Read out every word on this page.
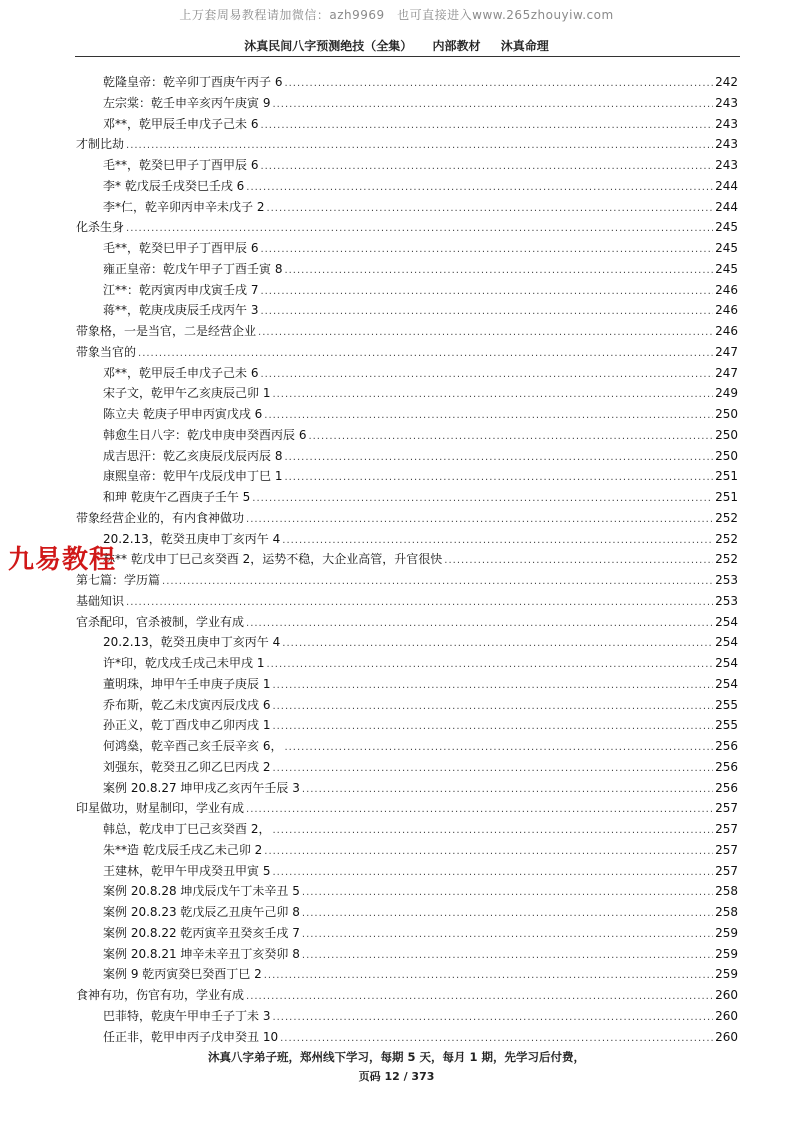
上万套周易教程请加微信：azh9969　也可直接进入www.265zhouyiw.com
沐真民间八字预测绝技（全集） 内部教材 沐真命理
乾隆皇帝：乾辛卯丁酉庚午丙子 6 .....	242
左宗棠：乾壬申辛亥丙午庚寅 9 .....	243
邓**，乾甲辰壬申戊子己未 6 .....	243
才制比劫 .....	243
毛**，乾癸巳甲子丁酉甲辰 6 .....	243
李* 乾戊辰壬戌癸巳壬戌 6 .....	244
李*仁，乾辛卯丙申辛未戊子 2 .....	244
化杀生身 .....	245
毛**，乾癸巳甲子丁酉甲辰 6 .....	245
雍正皇帝：乾戊午甲子丁酉壬寅 8 .....	245
江**：乾丙寅丙申戊寅壬戌 7 .....	246
蒋**，乾庚戌庚辰壬戌丙午 3 .....	246
带象格，一是当官，二是经营企业 .....	246
带象当官的 .....	247
邓**，乾甲辰壬申戊子己未 6 .....	247
宋子文，乾甲午乙亥庚辰己卯 1 .....	249
陈立夫 乾庚子甲申丙寅戊戌 6 .....	250
韩愈生日八字：乾戊申庚申癸酉丙辰 6 .....	250
成吉思汗：乾乙亥庚辰戊辰丙辰 8 .....	250
康熙皇帝：乾甲午戊辰戊申丁巳 1 .....	251
和珅 乾庚午乙酉庚子壬午 5 .....	251
带象经营企业的，有内食神做功 .....	252
20.2.13，乾癸丑庚申丁亥丙午 4 .....	252
林** 乾戊申丁巳己亥癸酉 2，运势不稳，大企业高管，升官很快 .....	252
第七篇：学历篇 .....	253
基础知识 .....	253
官杀配印，官杀被制，学业有成 .....	254
20.2.13，乾癸丑庚申丁亥丙午 4 .....	254
许*印，乾戊戌壬戌己未甲戌 1 .....	254
董明珠，坤甲午壬申庚子庚辰 1 .....	254
乔布斯，乾乙未戊寅丙辰戊戌 6 .....	255
孙正义，乾丁酉戊申乙卯丙戌 1 .....	255
何鸿燊，乾辛酉己亥壬辰辛亥 6， .....	256
刘强东，乾癸丑乙卯乙巳丙戌 2 .....	256
案例 20.8.27 坤甲戌乙亥丙午壬辰 3 .....	256
印星做功，财星制印，学业有成 .....	257
韩总，乾戊申丁巳己亥癸酉 2， .....	257
朱**造 乾戊辰壬戌乙未己卯 2 .....	257
王建林，乾甲午甲戌癸丑甲寅 5 .....	257
案例 20.8.28 坤戊辰戊午丁未辛丑 5 .....	258
案例 20.8.23 乾戊辰乙丑庚午己卯 8 .....	258
案例 20.8.22 乾丙寅辛丑癸亥壬戌 7 .....	259
案例 20.8.21 坤辛未辛丑丁亥癸卯 8 .....	259
案例 9 乾丙寅癸巳癸酉丁巳 2 .....	259
食神有功，伤官有功，学业有成 .....	260
巴菲特，乾庚午甲申壬子丁未 3 .....	260
任正非，乾甲申丙子戊申癸丑 10 .....	260
九易教程
沐真八字弟子班，郑州线下学习，每期 5 天，每月 1 期，先学习后付费，
页码 12 / 373
